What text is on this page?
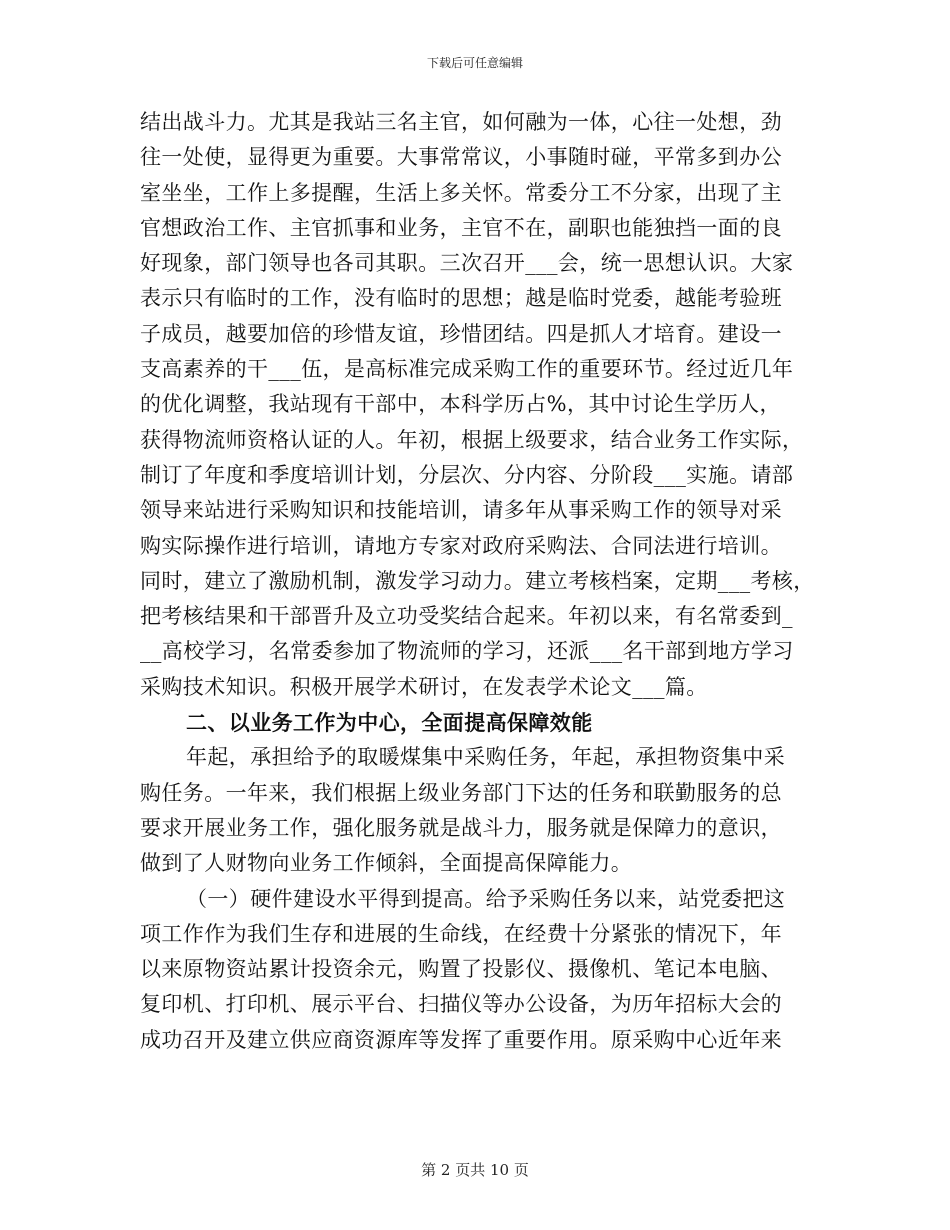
下载后可任意编辑
结出战斗力。尤其是我站三名主官，如何融为一体，心往一处想，劲
往一处使，显得更为重要。大事常常议，小事随时碰，平常多到办公
室坐坐，工作上多提醒，生活上多关怀。常委分工不分家，出现了主
官想政治工作、主官抓事和业务，主官不在，副职也能独挡一面的良
好现象，部门领导也各司其职。三次召开___会，统一思想认识。大家
表示只有临时的工作，没有临时的思想；越是临时党委，越能考验班
子成员，越要加倍的珍惜友谊，珍惜团结。四是抓人才培育。建设一
支高素养的干___伍，是高标准完成采购工作的重要环节。经过近几年
的优化调整，我站现有干部中，本科学历占%，其中讨论生学历人，
获得物流师资格认证的人。年初，根据上级要求，结合业务工作实际，
制订了年度和季度培训计划，分层次、分内容、分阶段___实施。请部
领导来站进行采购知识和技能培训，请多年从事采购工作的领导对采
购实际操作进行培训，请地方专家对政府采购法、合同法进行培训。
同时，建立了激励机制，激发学习动力。建立考核档案，定期___考核，
把考核结果和干部晋升及立功受奖结合起来。年初以来，有名常委到_
__高校学习，名常委参加了物流师的学习，还派___名干部到地方学习
采购技术知识。积极开展学术研讨，在发表学术论文___篇。
二、以业务工作为中心，全面提高保障效能
年起，承担给予的取暖煤集中采购任务，年起，承担物资集中采
购任务。一年来，我们根据上级业务部门下达的任务和联勤服务的总
要求开展业务工作，强化服务就是战斗力，服务就是保障力的意识，
做到了人财物向业务工作倾斜，全面提高保障能力。
（一）硬件建设水平得到提高。给予采购任务以来，站党委把这
项工作作为我们生存和进展的生命线，在经费十分紧张的情况下，年
以来原物资站累计投资余元，购置了投影仪、摄像机、笔记本电脑、
复印机、打印机、展示平台、扫描仪等办公设备，为历年招标大会的
成功召开及建立供应商资源库等发挥了重要作用。原采购中心近年来
第 2 页共 10 页
